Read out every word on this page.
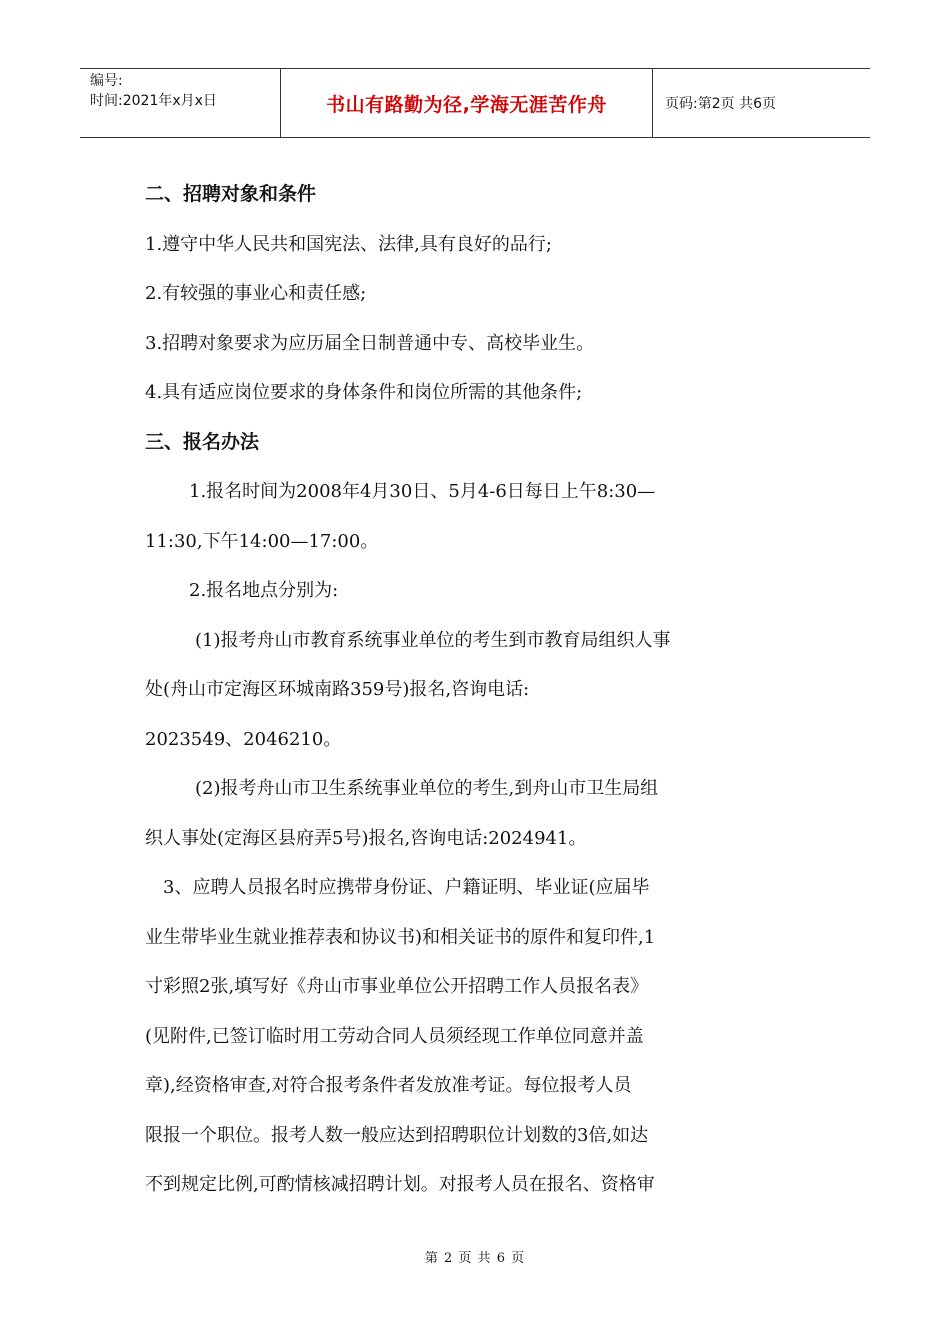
编号:
时间:2021年x月x日	书山有路勤为径,学海无涯苦作舟	页码:第2页 共6页
二、招聘对象和条件
1.遵守中华人民共和国宪法、法律,具有良好的品行;
2.有较强的事业心和责任感;
3.招聘对象要求为应历届全日制普通中专、高校毕业生。
4.具有适应岗位要求的身体条件和岗位所需的其他条件;
三、报名办法
1.报名时间为2008年4月30日、5月4-6日每日上午8:30—
11:30,下午14:00—17:00。
2.报名地点分别为:
(1)报考舟山市教育系统事业单位的考生到市教育局组织人事
处(舟山市定海区环城南路359号)报名,咨询电话:
2023549、2046210。
(2)报考舟山市卫生系统事业单位的考生,到舟山市卫生局组
织人事处(定海区县府弄5号)报名,咨询电话:2024941。
3、应聘人员报名时应携带身份证、户籍证明、毕业证(应届毕
业生带毕业生就业推荐表和协议书)和相关证书的原件和复印件,1
寸彩照2张,填写好《舟山市事业单位公开招聘工作人员报名表》
(见附件,已签订临时用工劳动合同人员须经现工作单位同意并盖
章),经资格审查,对符合报考条件者发放准考证。每位报考人员
限报一个职位。报考人数一般应达到招聘职位计划数的3倍,如达
不到规定比例,可酌情核减招聘计划。对报考人员在报名、资格审
第 2 页 共 6 页
